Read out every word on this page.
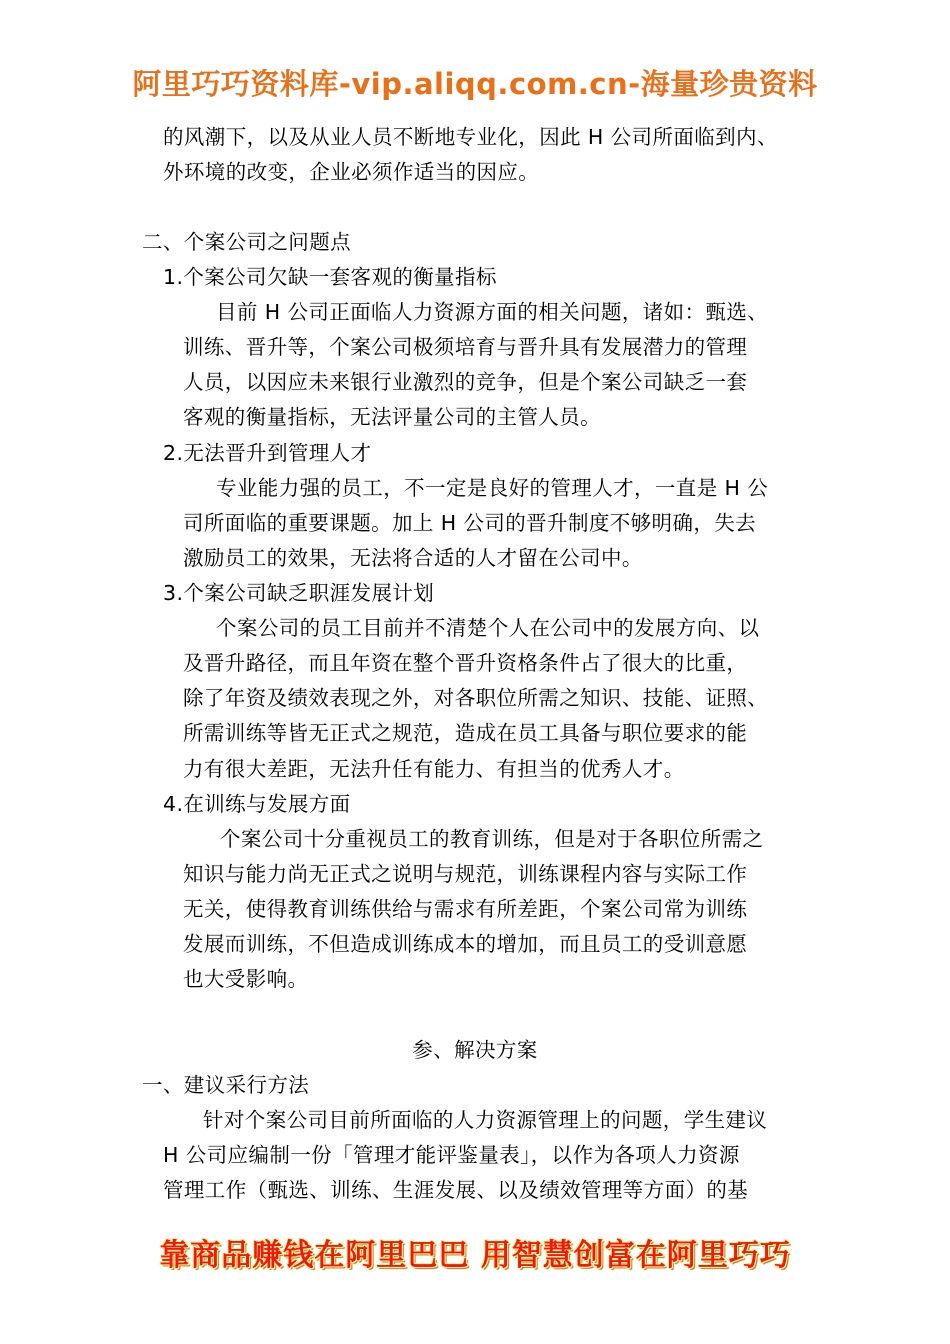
阿里巧巧资料库-vip.aliqq.com.cn-海量珍贵资料
的风潮下，以及从业人员不断地专业化，因此 H 公司所面临到内、
外环境的改变，企业必须作适当的因应。
二、个案公司之问题点
1.个案公司欠缺一套客观的衡量指标
目前 H 公司正面临人力资源方面的相关问题，诸如：甄选、
训练、晋升等，个案公司极须培育与晋升具有发展潜力的管理
人员，以因应未来银行业激烈的竞争，但是个案公司缺乏一套
客观的衡量指标，无法评量公司的主管人员。
2.无法晋升到管理人才
专业能力强的员工，不一定是良好的管理人才，一直是 H 公
司所面临的重要课题。加上 H 公司的晋升制度不够明确，失去
激励员工的效果，无法将合适的人才留在公司中。
3.个案公司缺乏职涯发展计划
个案公司的员工目前并不清楚个人在公司中的发展方向、以
及晋升路径，而且年资在整个晋升资格条件占了很大的比重，
除了年资及绩效表现之外，对各职位所需之知识、技能、证照、
所需训练等皆无正式之规范，造成在员工具备与职位要求的能
力有很大差距，无法升任有能力、有担当的优秀人才。
4.在训练与发展方面
个案公司十分重视员工的教育训练，但是对于各职位所需之
知识与能力尚无正式之说明与规范，训练课程内容与实际工作
无关，使得教育训练供给与需求有所差距，个案公司常为训练
发展而训练，不但造成训练成本的增加，而且员工的受训意愿
也大受影响。
参、解决方案
一、建议采行方法
针对个案公司目前所面临的人力资源管理上的问题，学生建议
H 公司应编制一份「管理才能评鉴量表」，以作为各项人力资源
管理工作（甄选、训练、生涯发展、以及绩效管理等方面）的基
靠商品赚钱在阿里巴巴 用智慧创富在阿里巧巧
